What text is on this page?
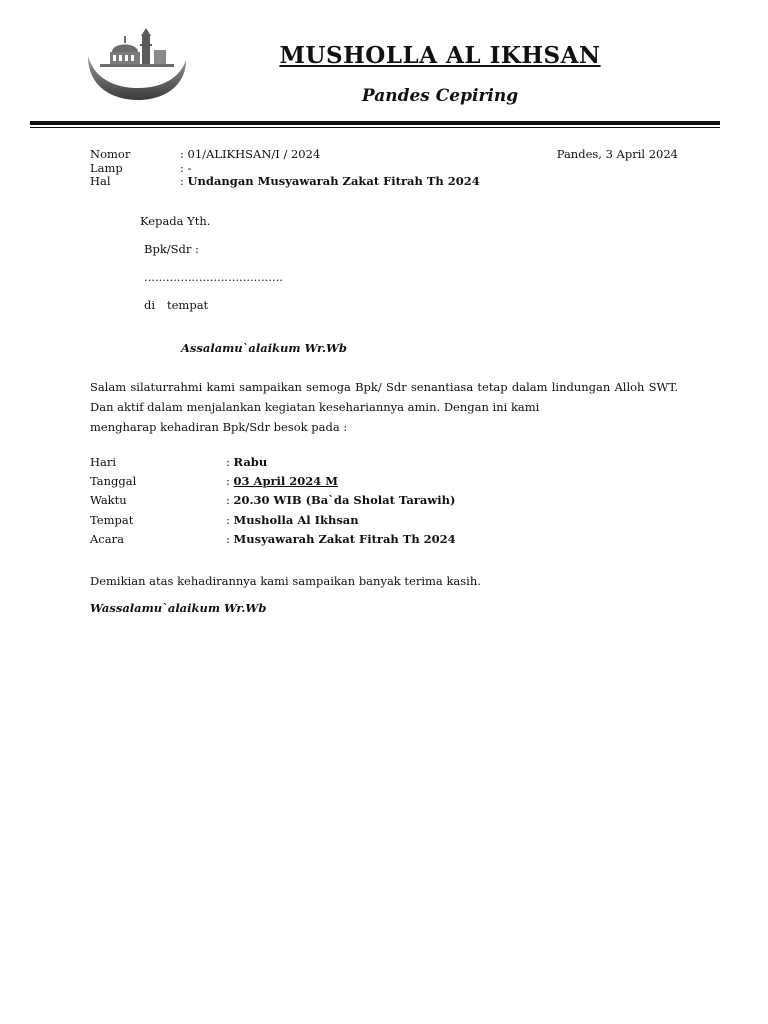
MUSHOLLA AL IKHSAN
Pandes Cepiring
Nomor	: 01/ALIKHSAN/I / 2024	Pandes, 3 April 2024
Lamp	: -
Hal	: Undangan Musyawarah Zakat Fitrah Th 2024
Kepada Yth.
Bpk/Sdr :
......................................
di tempat
Assalamu`alaikum Wr.Wb
Salam silaturrahmi kami sampaikan semoga Bpk/ Sdr senantiasa tetap dalam lindungan Alloh SWT. Dan aktif dalam menjalankan kegiatan kesehariannya amin. Dengan ini kami
mengharap kehadiran Bpk/Sdr besok pada :
Hari	: Rabu
Tanggal	: 03 April 2024 M
Waktu	: 20.30 WIB (Ba`da Sholat Tarawih)
Tempat	: Musholla Al Ikhsan
Acara	: Musyawarah Zakat Fitrah Th 2024
Demikian atas kehadirannya kami sampaikan banyak terima kasih.
Wassalamu`alaikum Wr.Wb
